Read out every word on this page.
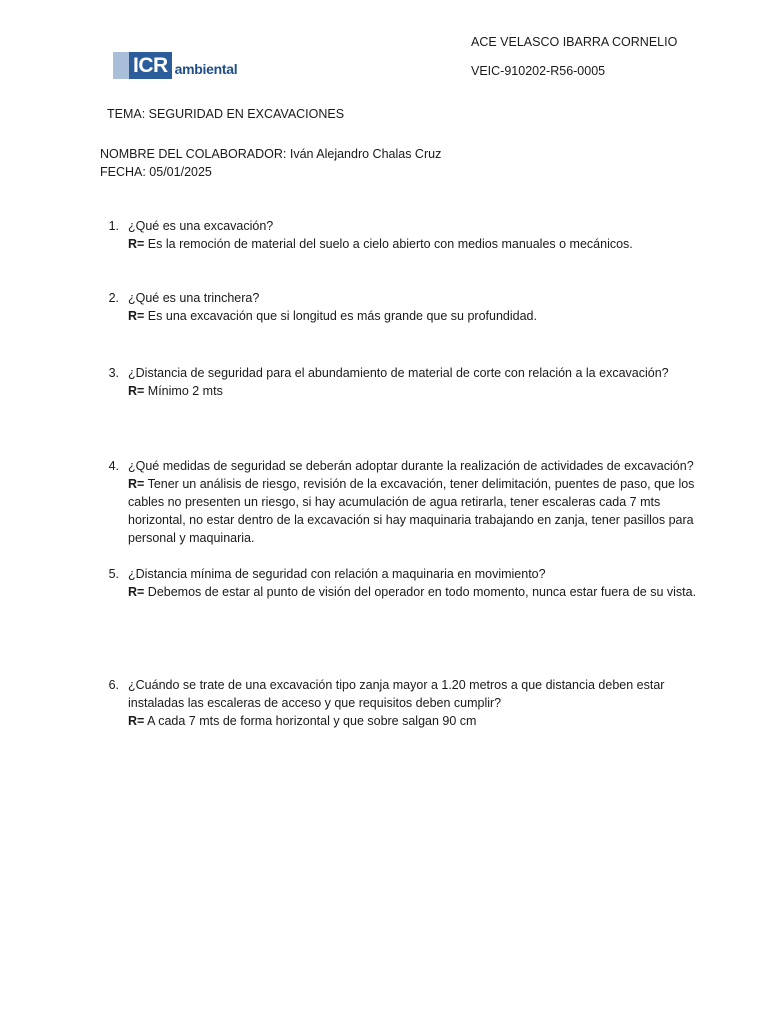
ICR ambiental
ACE VELASCO IBARRA CORNELIO
VEIC-910202-R56-0005
TEMA: SEGURIDAD EN EXCAVACIONES
NOMBRE DEL COLABORADOR: Iván Alejandro Chalas Cruz
FECHA: 05/01/2025
1. ¿Qué es una excavación?
R= Es la remoción de material del suelo a cielo abierto con medios manuales o mecánicos.
2. ¿Qué es una trinchera?
R= Es una excavación que si longitud es más grande que su profundidad.
3. ¿Distancia de seguridad para el abundamiento de material de corte con relación a la excavación?
R= Mínimo 2 mts
4. ¿Qué medidas de seguridad se deberán adoptar durante la realización de actividades de excavación?
R= Tener un análisis de riesgo, revisión de la excavación, tener delimitación, puentes de paso, que los cables no presenten un riesgo, si hay acumulación de agua retirarla, tener escaleras cada 7 mts horizontal, no estar dentro de la excavación si hay maquinaria trabajando en zanja, tener pasillos para personal y maquinaria.
5. ¿Distancia mínima de seguridad con relación a maquinaria en movimiento?
R= Debemos de estar al punto de visión del operador en todo momento, nunca estar fuera de su vista.
6. ¿Cuándo se trate de una excavación tipo zanja mayor a 1.20 metros a que distancia deben estar instaladas las escaleras de acceso y que requisitos deben cumplir?
R= A cada 7 mts de forma horizontal y que sobre salgan 90 cm
